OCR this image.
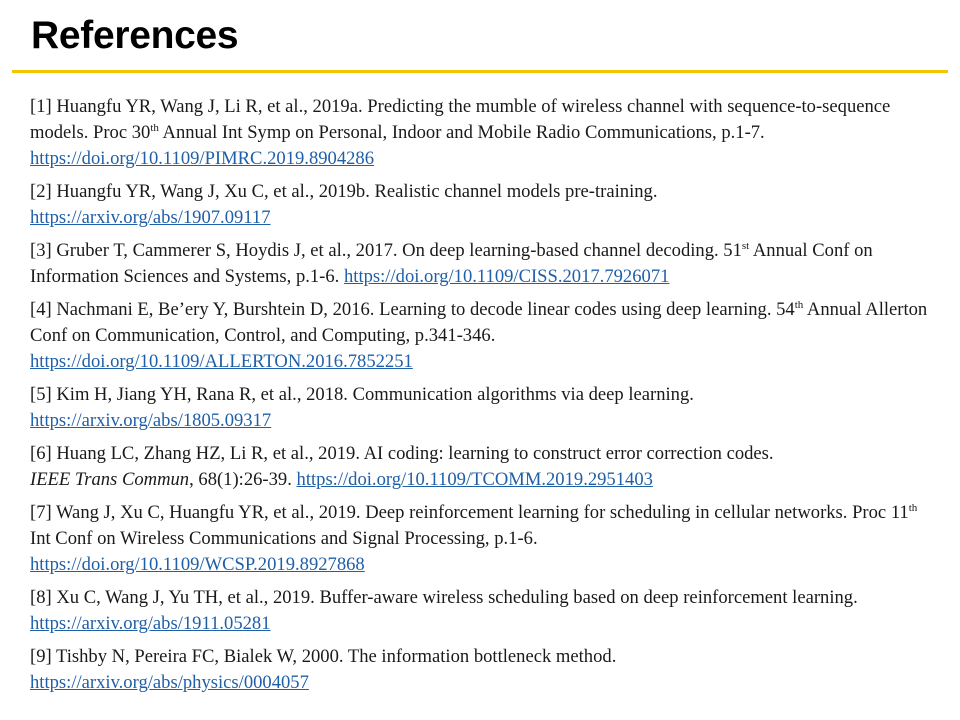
References
[1] Huangfu YR, Wang J, Li R, et al., 2019a. Predicting the mumble of wireless channel with sequence-to-sequence models. Proc 30th Annual Int Symp on Personal, Indoor and Mobile Radio Communications, p.1-7. https://doi.org/10.1109/PIMRC.2019.8904286
[2] Huangfu YR, Wang J, Xu C, et al., 2019b. Realistic channel models pre-training.
https://arxiv.org/abs/1907.09117
[3] Gruber T, Cammerer S, Hoydis J, et al., 2017. On deep learning-based channel decoding. 51st Annual Conf on Information Sciences and Systems, p.1-6. https://doi.org/10.1109/CISS.2017.7926071
[4] Nachmani E, Be’ery Y, Burshtein D, 2016. Learning to decode linear codes using deep learning. 54th Annual Allerton Conf on Communication, Control, and Computing, p.341-346.
https://doi.org/10.1109/ALLERTON.2016.7852251
[5] Kim H, Jiang YH, Rana R, et al., 2018. Communication algorithms via deep learning.
https://arxiv.org/abs/1805.09317
[6] Huang LC, Zhang HZ, Li R, et al., 2019. AI coding: learning to construct error correction codes.
IEEE Trans Commun, 68(1):26-39. https://doi.org/10.1109/TCOMM.2019.2951403
[7] Wang J, Xu C, Huangfu YR, et al., 2019. Deep reinforcement learning for scheduling in cellular networks. Proc 11th Int Conf on Wireless Communications and Signal Processing, p.1-6.
https://doi.org/10.1109/WCSP.2019.8927868
[8] Xu C, Wang J, Yu TH, et al., 2019. Buffer-aware wireless scheduling based on deep reinforcement learning. https://arxiv.org/abs/1911.05281
[9] Tishby N, Pereira FC, Bialek W, 2000. The information bottleneck method.
https://arxiv.org/abs/physics/0004057
